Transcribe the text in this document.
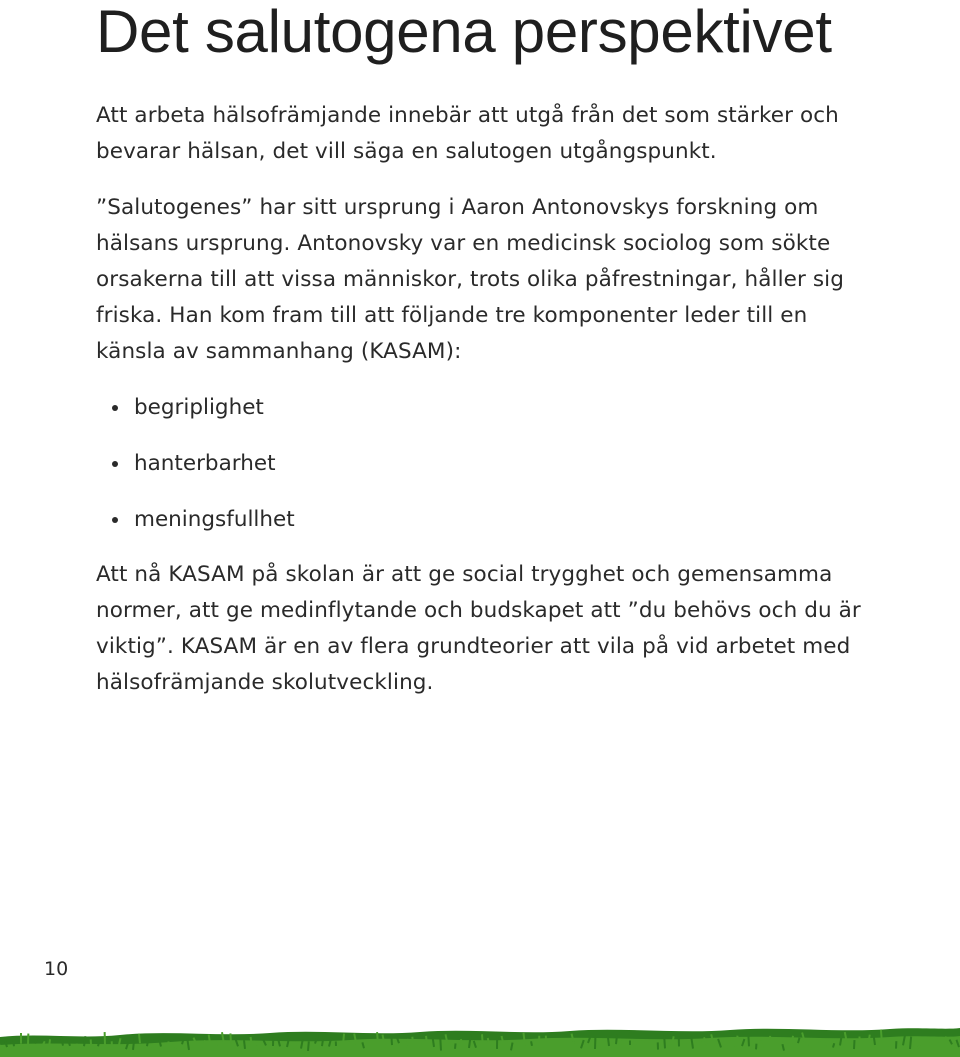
Det salutogena perspektivet

Att arbeta hälsofrämjande innebär att utgå från det som stärker och bevarar hälsan, det vill säga en salutogen utgångspunkt.

”Salutogenes” har sitt ursprung i Aaron Antonovskys forskning om hälsans ursprung. Antonovsky var en medicinsk sociolog som sökte orsakerna till att vissa människor, trots olika påfrestningar, håller sig friska. Han kom fram till att följande tre komponenter leder till en känsla av sammanhang (KASAM):

begriplighet
hanterbarhet
meningsfullhet

Att nå KASAM på skolan är att ge social trygghet och gemensamma normer, att ge medinflytande och budskapet att ”du behövs och du är viktig”. KASAM är en av flera grundteorier att vila på vid arbetet med hälsofrämjande skolutveckling.

10
